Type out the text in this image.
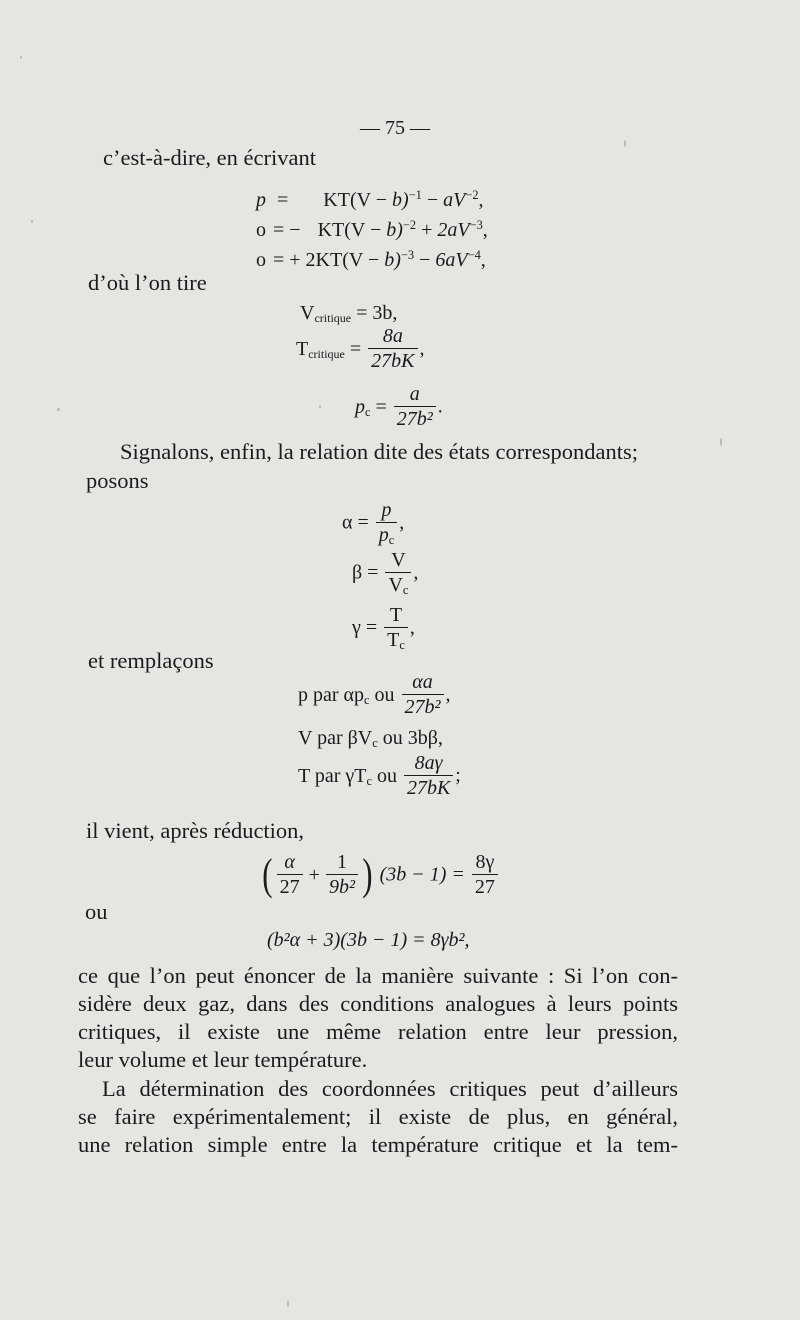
— 75 —
c’est-à-dire, en écrivant
$p = KT(V - b)^{-1} - aV^{-2}$,
o = − $KT(V - b)^{-2} + 2aV^{-3}$,
o = + $2KT(V - b)^{-3} - 6aV^{-4}$,
d’où l’on tire
$V_{critique} = 3b$,
$T_{critique} = \frac{8a}{27bK}$ ,
$p_c = \frac{a}{\text{27b²}}$ .
Signalons, enfin, la relation dite des états correspondants;
posons
$\alpha = \frac{p}{p_c}$ ,
$\beta = \frac{V}{V_c}$ ,
$\gamma = \frac{T}{T_c}$ ,
et remplaçons
p par $\alpha p_c$ ou $\frac{\alpha a}{\text{27b²}}$ ,
V par $\beta V_c$ ou 3bβ,
T par $\gamma T_c$ ou $\frac{8a\gamma}{27bK}$ ;
il vient, après réduction,
( $\frac{\alpha}{27} + \frac{1}{\text{9b²}}$ ) $(3b - 1) = \frac{8\gamma}{27}$
ou
(b²α + 3)(3b − 1) = 8γb²,
ce que l’on peut énoncer de la manière suivante : Si l’on con-
sidère deux gaz, dans des conditions analogues à leurs points
critiques, il existe une même relation entre leur pression,
leur volume et leur température.
La détermination des coordonnées critiques peut d’ailleurs
se faire expérimentalement; il existe de plus, en général,
une relation simple entre la température critique et la tem-
